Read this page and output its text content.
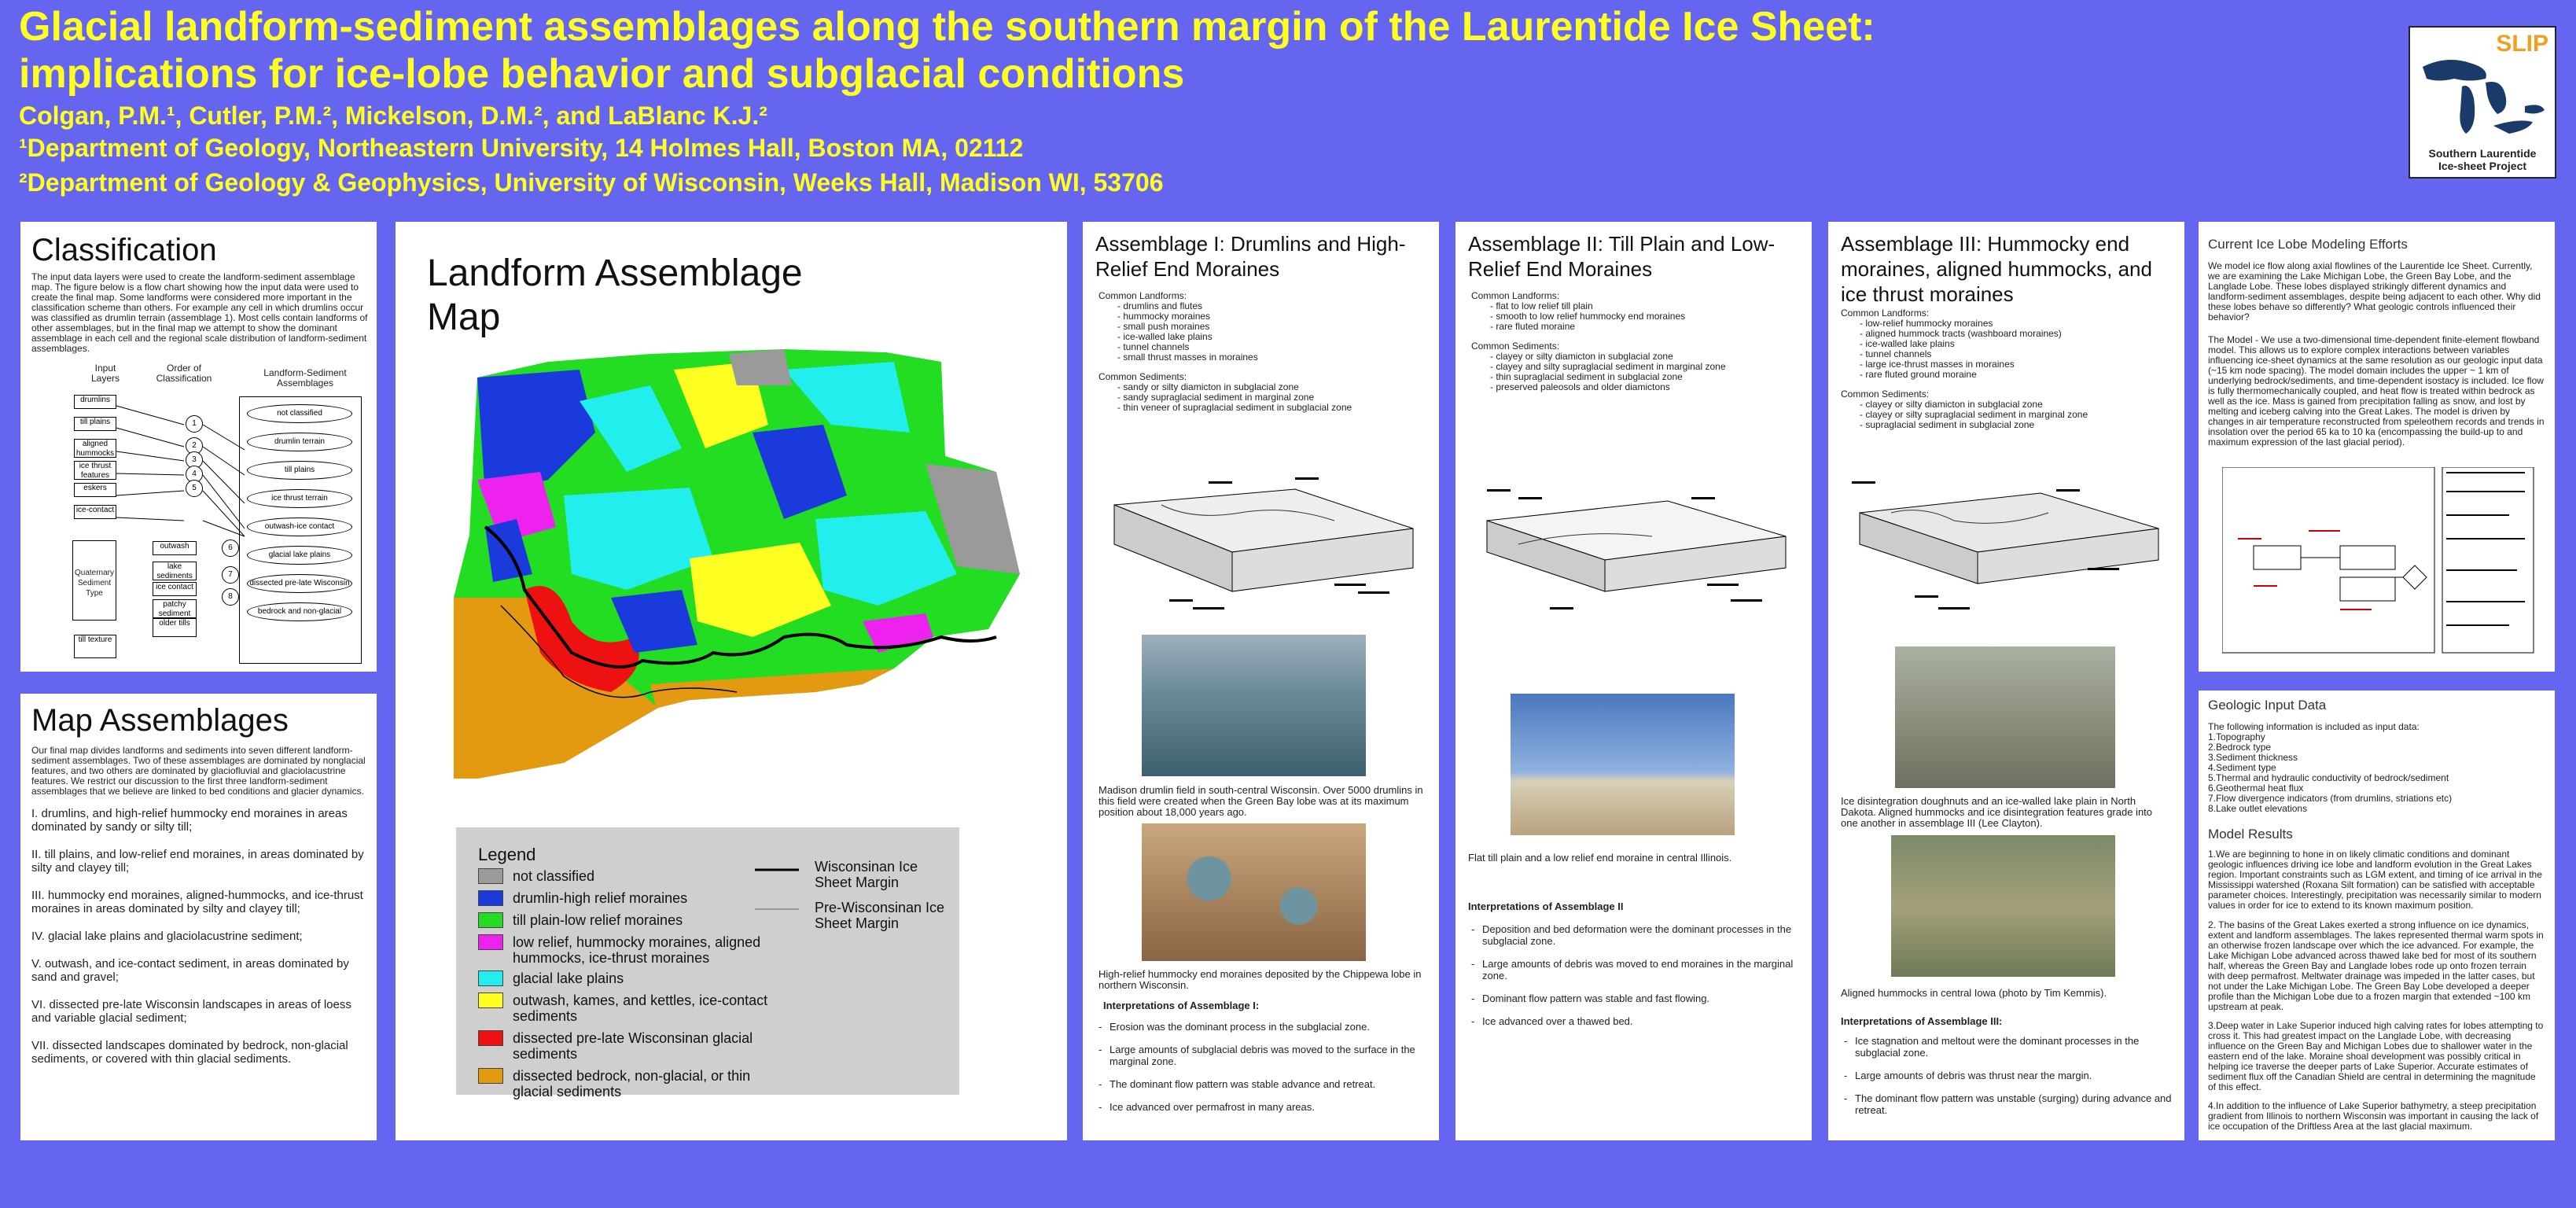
Glacial landform-sediment assemblages along the southern margin of the Laurentide Ice Sheet: implications for ice-lobe behavior and subglacial conditions
Colgan, P.M.¹, Cutler, P.M.², Mickelson, D.M.², and LaBlanc K.J.²
¹Department of Geology, Northeastern University, 14 Holmes Hall, Boston MA, 02112
²Department of Geology & Geophysics, University of Wisconsin, Weeks Hall, Madison WI, 53706
SLIP
Southern Laurentide
Ice-sheet Project
Classification
The input data layers were used to create the landform-sediment assemblage map. The figure below is a flow chart showing how the input data were used to create the final map. Some landforms were considered more important in the classification scheme than others. For example any cell in which drumlins occur was classified as drumlin terrain (assemblage 1). Most cells contain landforms of other assemblages, but in the final map we attempt to show the dominant assemblage in each cell and the regional scale distribution of landform-sediment assemblages.
Input Layers
Order of Classification	Landform-Sediment Assemblages
drumlins
till plains
aligned hummocks
ice thrust features
eskers
ice-contact
Quaternary Sediment Type
outwash
lake sediments
ice contact
patchy sediment
older tills
till texture
1
2
3
4
5
6
7
8
not classified
drumlin terrain
till plains
ice thrust terrain
outwash-ice contact
glacial lake plains
dissected pre-late Wisconsin
bedrock and non-glacial
Map Assemblages
Our final map divides landforms and sediments into seven different landform-sediment assemblages. Two of these assemblages are dominated by nonglacial features, and two others are dominated by glaciofluvial and glaciolacustrine features. We restrict our discussion to the first three landform-sediment assemblages that we believe are linked to bed conditions and glacier dynamics.
I. drumlins, and high-relief hummocky end moraines in areas dominated by sandy or silty till;
II. till plains, and low-relief end moraines, in areas dominated by silty and clayey till;
III. hummocky end moraines, aligned-hummocks, and ice-thrust moraines in areas dominated by silty and clayey till;
IV. glacial lake plains and glaciolacustrine sediment;
V. outwash, and ice-contact sediment, in areas dominated by sand and gravel;
VI. dissected pre-late Wisconsin landscapes in areas of loess and variable glacial sediment;
VII. dissected landscapes dominated by bedrock, non-glacial sediments, or covered with thin glacial sediments.
Landform Assemblage
Map
Legend
not classified
drumlin-high relief moraines
till plain-low relief moraines
low relief, hummocky moraines, aligned hummocks, ice-thrust moraines
glacial lake plains
outwash, kames, and kettles, ice-contact sediments
dissected pre-late Wisconsinan glacial sediments
dissected bedrock, non-glacial, or thin glacial sediments
Wisconsinan Ice
Sheet Margin
Pre-Wisconsinan Ice
Sheet Margin
Assemblage I: Drumlins and High-Relief End Moraines
Common Landforms:
- drumlins and flutes
- hummocky moraines
- small push moraines
- ice-walled lake plains
- tunnel channels
- small thrust masses in moraines
Common Sediments:
- sandy or silty diamicton in subglacial zone
- sandy supraglacial sediment in marginal zone
- thin veneer of supraglacial sediment in subglacial zone
Madison drumlin field in south-central Wisconsin. Over 5000 drumlins in this field were created when the Green Bay lobe was at its maximum position about 18,000 years ago.
High-relief hummocky end moraines deposited by the Chippewa lobe in northern Wisconsin.
Interpretations of Assemblage I:
- Erosion was the dominant process in the subglacial zone.
- Large amounts of subglacial debris was moved to the surface in the marginal zone.
- The dominant flow pattern was stable advance and retreat.
- Ice advanced over permafrost in many areas.
Assemblage II: Till Plain and Low-Relief End Moraines
Common Landforms:
- flat to low relief till plain
- smooth to low relief hummocky end moraines
- rare fluted moraine
Common Sediments:
- clayey or silty diamicton in subglacial zone
- clayey and silty supraglacial sediment in marginal zone
- thin supraglacial sediment in subglacial zone
- preserved paleosols and older diamictons
Flat till plain and a low relief end moraine in central Illinois.
Interpretations of Assemblage II
- Deposition and bed deformation were the dominant processes in the subglacial zone.
- Large amounts of debris was moved to end moraines in the marginal zone.
- Dominant flow pattern was stable and fast flowing.
- Ice advanced over a thawed bed.
Assemblage III: Hummocky end moraines, aligned hummocks, and ice thrust moraines
Common Landforms:
- low-relief hummocky moraines
- aligned hummock tracts (washboard moraines)
- ice-walled lake plains
- tunnel channels
- large ice-thrust masses in moraines
- rare fluted ground moraine
Common Sediments:
- clayey or silty diamicton in subglacial zone
- clayey or silty supraglacial sediment in marginal zone
- supraglacial sediment in subglacial zone
Ice disintegration doughnuts and an ice-walled lake plain in North Dakota. Aligned hummocks and ice disintegration features grade into one another in assemblage III (Lee Clayton).
Aligned hummocks in central Iowa (photo by Tim Kemmis).
Interpretations of Assemblage III:
- Ice stagnation and meltout were the dominant processes in the subglacial zone.
- Large amounts of debris was thrust near the margin.
- The dominant flow pattern was unstable (surging) during advance and retreat.
Current Ice Lobe Modeling Efforts
We model ice flow along axial flowlines of the Laurentide Ice Sheet. Currently, we are examining the Lake Michigan Lobe, the Green Bay Lobe, and the Langlade Lobe. These lobes displayed strikingly different dynamics and landform-sediment assemblages, despite being adjacent to each other. Why did these lobes behave so differently? What geologic controls influenced their behavior?
The Model - We use a two-dimensional time-dependent finite-element flowband model. This allows us to explore complex interactions between variables influencing ice-sheet dynamics at the same resolution as our geologic input data (~15 km node spacing). The model domain includes the upper ~ 1 km of underlying bedrock/sediments, and time-dependent isostacy is included. Ice flow is fully thermomechanically coupled, and heat flow is treated within bedrock as well as the ice. Mass is gained from precipitation falling as snow, and lost by melting and iceberg calving into the Great Lakes. The model is driven by changes in air temperature reconstructed from speleothem records and trends in insolation over the period 65 ka to 10 ka (encompassing the build-up to and maximum expression of the last glacial period).
Geologic Input Data
The following information is included as input data:
1.Topography
2.Bedrock type
3.Sediment thickness
4.Sediment type
5.Thermal and hydraulic conductivity of bedrock/sediment
6.Geothermal heat flux
7.Flow divergence indicators (from drumlins, striations etc)
8.Lake outlet elevations
Model Results
1.We are beginning to hone in on likely climatic conditions and dominant geologic influences driving ice lobe and landform evolution in the Great Lakes region. Important constraints such as LGM extent, and timing of ice arrival in the Mississippi watershed (Roxana Silt formation) can be satisfied with acceptable parameter choices. Interestingly, precipitation was necessarily similar to modern values in order for ice to extend to its known maximum position.
2. The basins of the Great Lakes exerted a strong influence on ice dynamics, extent and landform assemblages. The lakes represented thermal warm spots in an otherwise frozen landscape over which the ice advanced. For example, the Lake Michigan Lobe advanced across thawed lake bed for most of its southern half, whereas the Green Bay and Langlade lobes rode up onto frozen terrain with deep permafrost. Meltwater drainage was impeded in the latter cases, but not under the Lake Michigan Lobe. The Green Bay Lobe developed a deeper profile than the Michigan Lobe due to a frozen margin that extended ~100 km upstream at peak.
3.Deep water in Lake Superior induced high calving rates for lobes attempting to cross it. This had greatest impact on the Langlade Lobe, with decreasing influence on the Green Bay and Michigan Lobes due to shallower water in the eastern end of the lake. Moraine shoal development was possibly critical in helping ice traverse the deeper parts of Lake Superior. Accurate estimates of sediment flux off the Canadian Shield are central in determining the magnitude of this effect.
4.In addition to the influence of Lake Superior bathymetry, a steep precipitation gradient from Illinois to northern Wisconsin was important in causing the lack of ice occupation of the Driftless Area at the last glacial maximum.
